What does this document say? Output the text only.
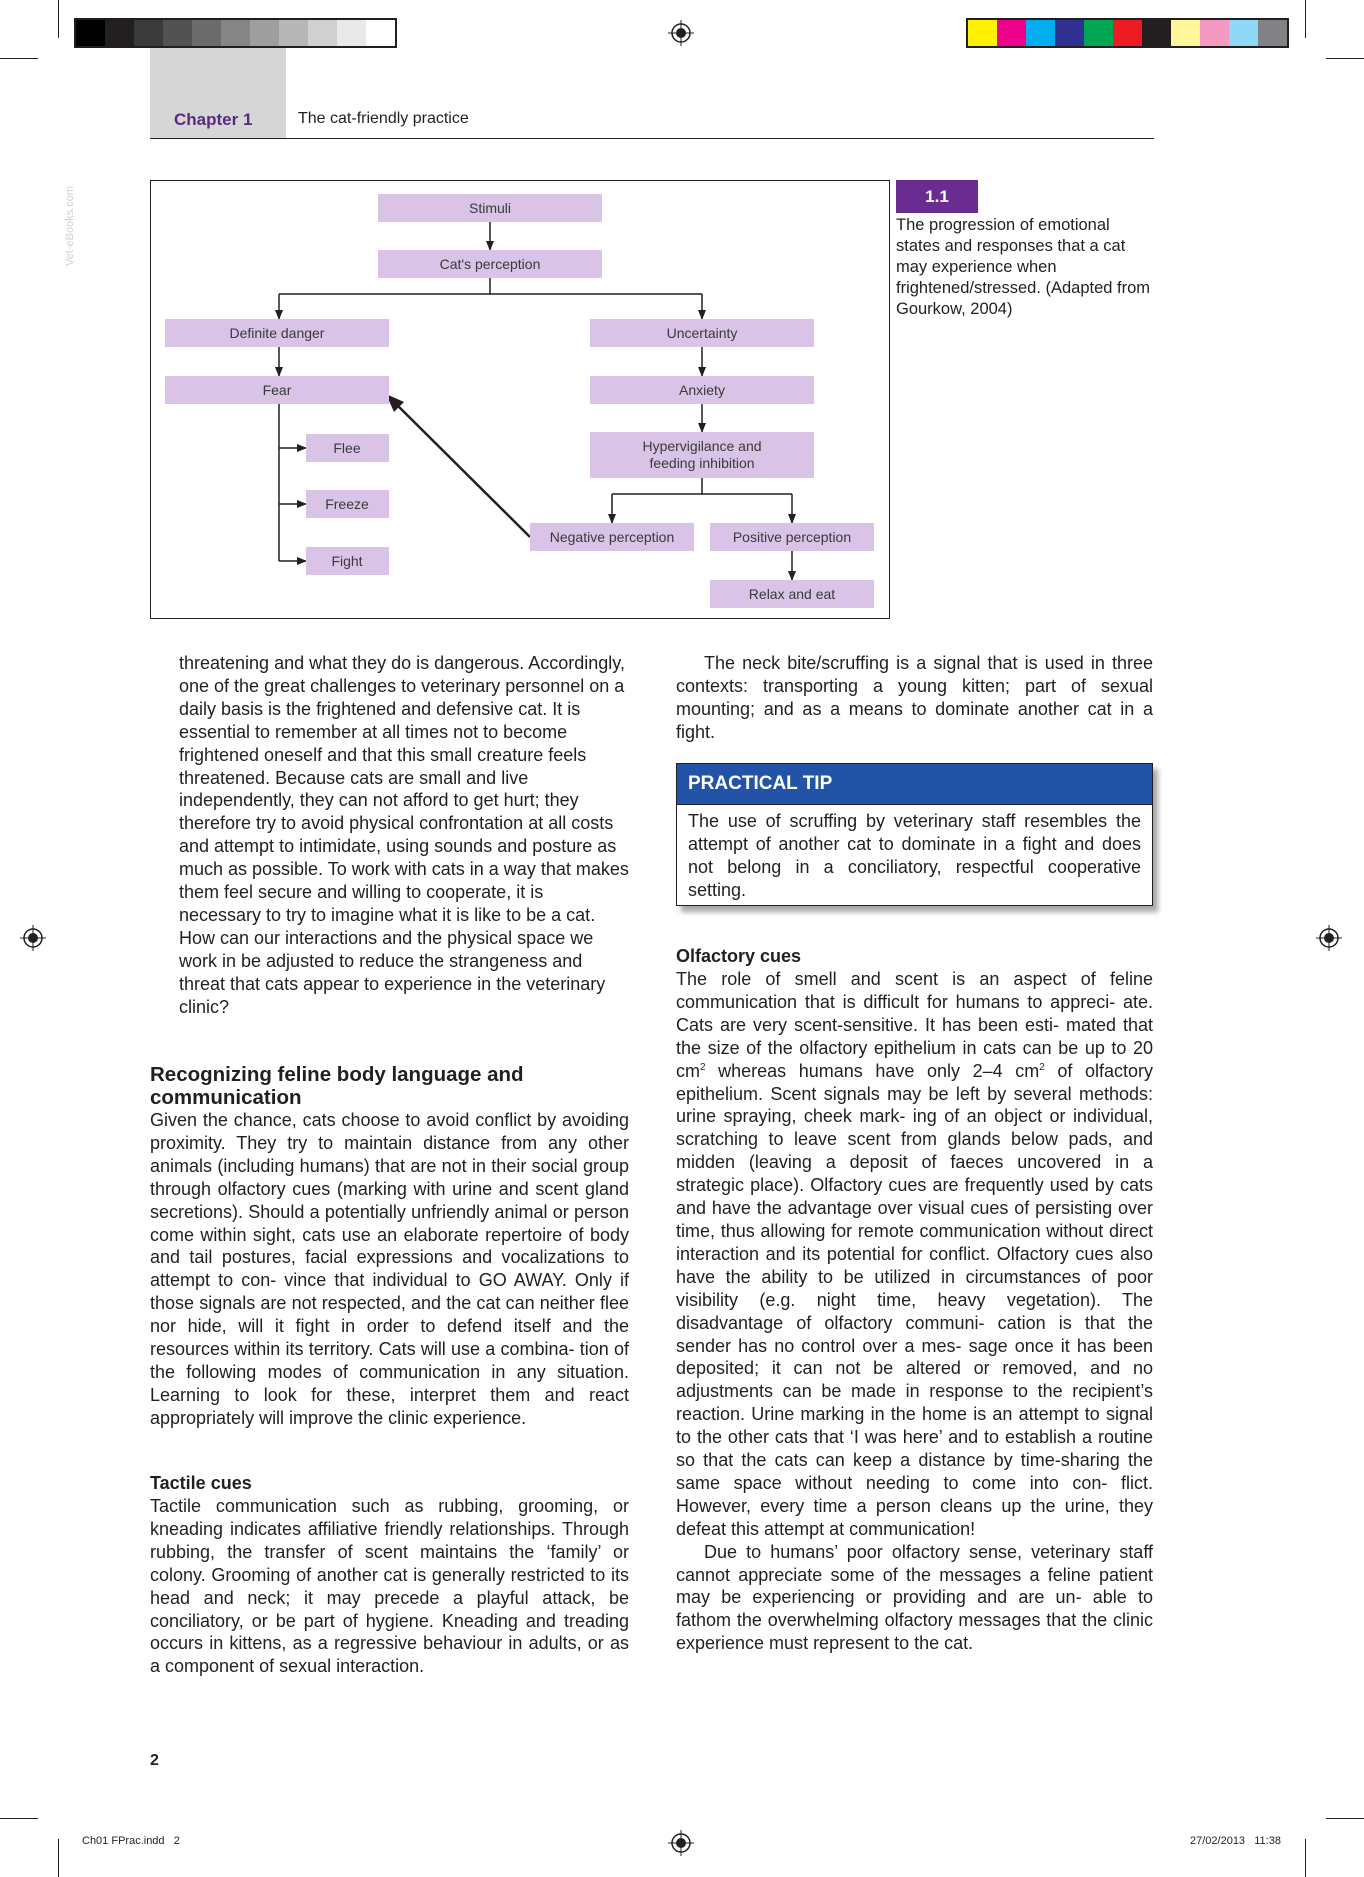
Chapter 1	The cat-friendly practice
Vet-eBooks.com	Stimuli
Cat's perception
Definite danger	Uncertainty
Fear	Anxiety
Hypervigilance and
feeding inhibition
Flee
Freeze
Fight
Negative perception	Positive perception
Relax and eat
1.1
The progression of emotional states and responses that a cat may experience when frightened/stressed. (Adapted from Gourkow, 2004)

threatening and what they do is dangerous. Accordingly, one of the great challenges to veterinary personnel on a daily basis is the frightened and defensive cat. It is essential to remember at all times not to become frightened oneself and that this small creature feels threatened. Because cats are small and live independently, they can not afford to get hurt; they therefore try to avoid physical confrontation at all costs and attempt to intimidate, using sounds and posture as much as possible. To work with cats in a way that makes them feel secure and willing to cooperate, it is necessary to try to imagine what it is like to be a cat. How can our interactions and the physical space we work in be adjusted to reduce the strangeness and threat that cats appear to experience in the veterinary clinic?

Recognizing feline body language and communication

Given the chance, cats choose to avoid conflict by avoiding proximity. They try to maintain distance from any other animals (including humans) that are not in their social group through olfactory cues (marking with urine and scent gland secretions). Should a potentially unfriendly animal or person come within sight, cats use an elaborate repertoire of body and tail postures, facial expressions and vocalizations to attempt to con- vince that individual to GO AWAY. Only if those signals are not respected, and the cat can neither flee nor hide, will it fight in order to defend itself and the resources within its territory. Cats will use a combina- tion of the following modes of communication in any situation. Learning to look for these, interpret them and react appropriately will improve the clinic experience.

Tactile cues

Tactile communication such as rubbing, grooming, or kneading indicates affiliative friendly relationships. Through rubbing, the transfer of scent maintains the ‘family’ or colony. Grooming of another cat is generally restricted to its head and neck; it may precede a playful attack, be conciliatory, or be part of hygiene. Kneading and treading occurs in kittens, as a regressive behaviour in adults, or as a component of sexual interaction.

The neck bite/scruffing is a signal that is used in three contexts: transporting a young kitten; part of sexual mounting; and as a means to dominate another cat in a fight.

PRACTICAL TIP
The use of scruffing by veterinary staff resembles the attempt of another cat to dominate in a fight and does not belong in a conciliatory, respectful cooperative setting.
Olfactory cues

The role of smell and scent is an aspect of feline communication that is difficult for humans to appreci- ate. Cats are very scent-sensitive. It has been esti- mated that the size of the olfactory epithelium in cats can be up to 20 $cm^2$ whereas humans have only 2–4 $cm^2$ of olfactory epithelium. Scent signals may be left by several methods: urine spraying, cheek mark- ing of an object or individual, scratching to leave scent from glands below pads, and midden (leaving a deposit of faeces uncovered in a strategic place). Olfactory cues are frequently used by cats and have the advantage over visual cues of persisting over time, thus allowing for remote communication without direct interaction and its potential for conflict. Olfactory cues also have the ability to be utilized in circumstances of poor visibility (e.g. night time, heavy vegetation). The disadvantage of olfactory communi- cation is that the sender has no control over a mes- sage once it has been deposited; it can not be altered or removed, and no adjustments can be made in response to the recipient’s reaction. Urine marking in the home is an attempt to signal to the other cats that ‘I was here’ and to establish a routine so that the cats can keep a distance by time-sharing the same space without needing to come into con- flict. However, every time a person cleans up the urine, they defeat this attempt at communication!

Due to humans’ poor olfactory sense, veterinary staff cannot appreciate some of the messages a feline patient may be experiencing or providing and are un- able to fathom the overwhelming olfactory messages that the clinic experience must represent to the cat.

2
Ch01 FPrac.indd   2	27/02/2013   11:38
